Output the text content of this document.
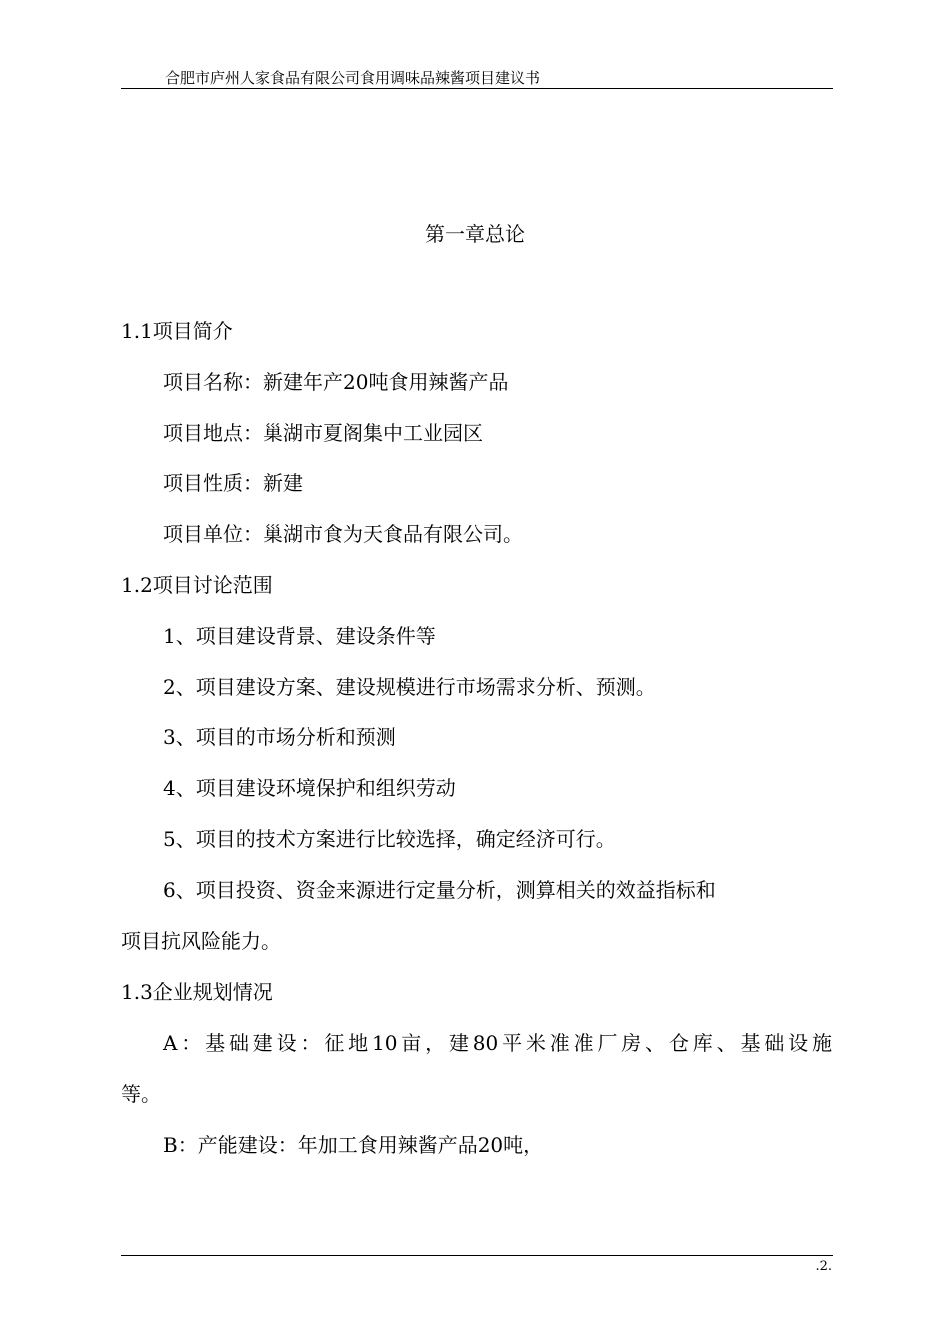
合肥市庐州人家食品有限公司食用调味品辣酱项目建议书
第一章总论
1.1项目简介
项目名称：新建年产20吨食用辣酱产品
项目地点：巢湖市夏阁集中工业园区
项目性质：新建
项目单位：巢湖市食为天食品有限公司。
1.2项目讨论范围
1、项目建设背景、建设条件等
2、项目建设方案、建设规模进行市场需求分析、预测。
3、项目的市场分析和预测
4、项目建设环境保护和组织劳动
5、项目的技术方案进行比较选择，确定经济可行。
6、项目投资、资金来源进行定量分析，测算相关的效益指标和
项目抗风险能力。
1.3企业规划情况
A：基础建设：征地10亩，建80平米准准厂房、仓库、基础设施
等。
B：产能建设：年加工食用辣酱产品20吨，
.2.
